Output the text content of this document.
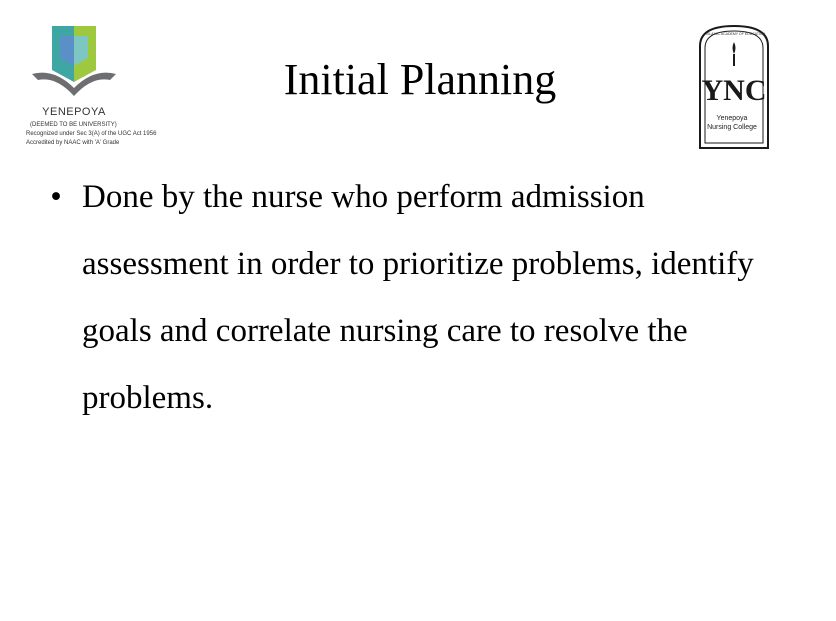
YENEPOYA
(DEEMED TO BE UNIVERSITY)
Recognized under Sec 3(A) of the UGC Act 1956
Accredited by NAAC with 'A' Grade
Initial Planning	YNC
ISLAMIC ACADEMY OF EDUCATION
Yenepoya
Nursing College
• Done by the nurse who perform admission assessment in order to prioritize problems, identify goals and correlate nursing care to resolve the problems.
